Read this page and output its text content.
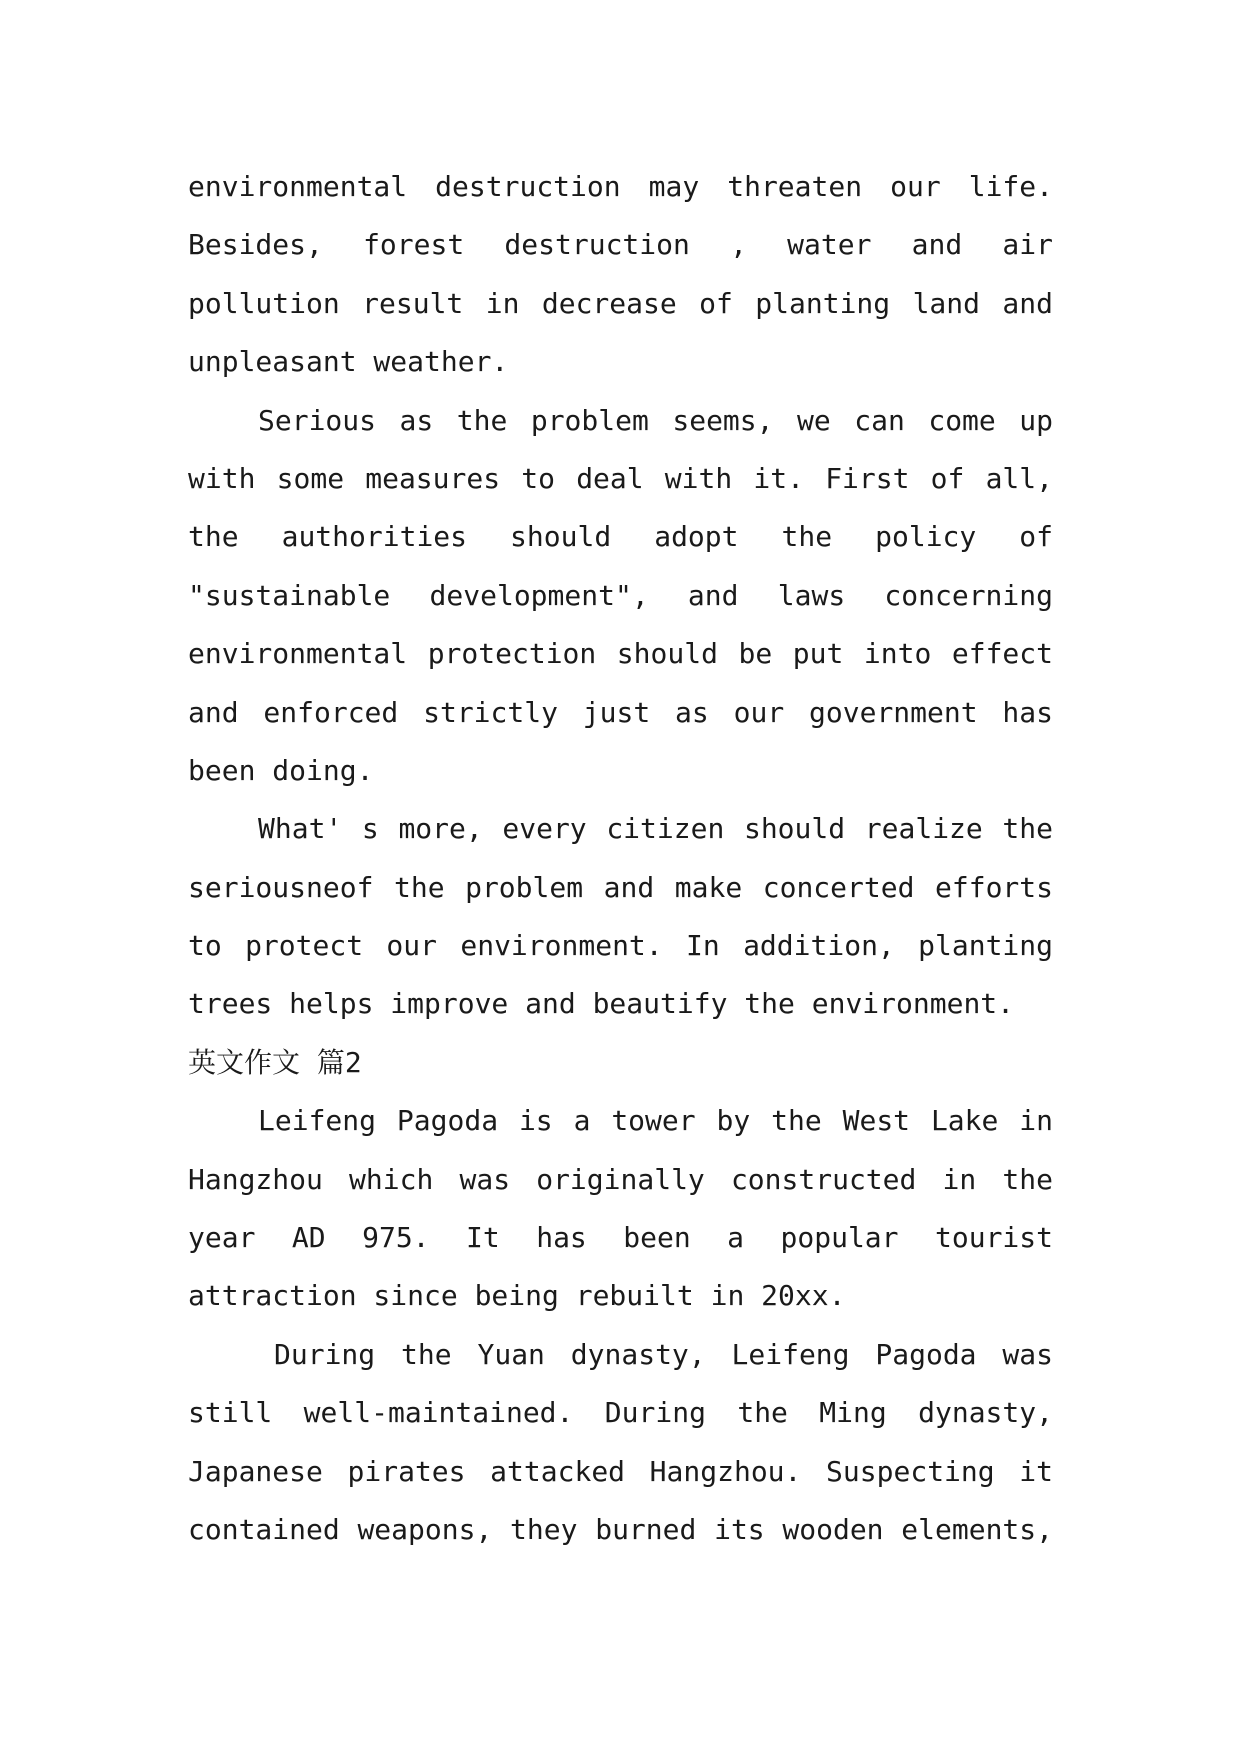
environmental destruction may threaten our life.
Besides, forest destruction , water and air
pollution result in decrease of planting land and
unpleasant weather.
Serious as the problem seems, we can come up
with some measures to deal with it. First of all,
the authorities should adopt the policy of
"sustainable development", and laws concerning
environmental protection should be put into effect
and enforced strictly just as our government has
been doing.
What' s more, every citizen should realize the
seriousneof the problem and make concerted efforts
to protect our environment. In addition, planting
trees helps improve and beautify the environment.
英文作文 篇2
Leifeng Pagoda is a tower by the West Lake in
Hangzhou which was originally constructed in the
year AD 975. It has been a popular tourist
attraction since being rebuilt in 20xx.
During the Yuan dynasty, Leifeng Pagoda was
still well-maintained. During the Ming dynasty,
Japanese pirates attacked Hangzhou. Suspecting it
contained weapons, they burned its wooden elements,
